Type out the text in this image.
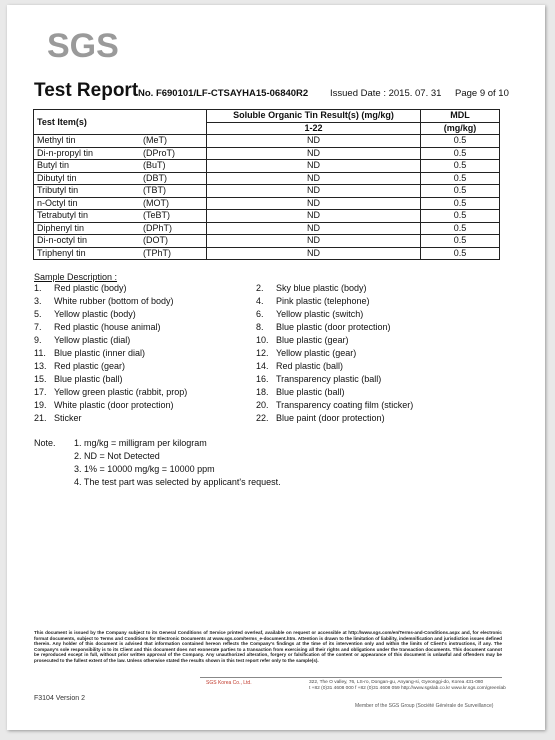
SGS
Test Report No. F690101/LF-CTSAYHA15-06840R2 Issued Date : 2015. 07. 31 Page 9 of 10
Test Item(s)		Soluble Organic Tin Result(s) (mg/kg)	MDL
		1-22	(mg/kg)
Methyl tin	(MeT)	ND	0.5
Di-n-propyl tin	(DProT)	ND	0.5
Butyl tin	(BuT)	ND	0.5
Dibutyl tin	(DBT)	ND	0.5
Tributyl tin	(TBT)	ND	0.5
n-Octyl tin	(MOT)	ND	0.5
Tetrabutyl tin	(TeBT)	ND	0.5
Diphenyl tin	(DPhT)	ND	0.5
Di-n-octyl tin	(DOT)	ND	0.5
Triphenyl tin	(TPhT)	ND	0.5
Sample Description :
1.	Red plastic (body)	2.	Sky blue plastic (body)
3.	White rubber (bottom of body)	4.	Pink plastic (telephone)
5.	Yellow plastic (body)	6.	Yellow plastic (switch)
7.	Red plastic (house animal)	8.	Blue plastic (door protection)
9.	Yellow plastic (dial)	10. Blue plastic (gear)
11. Blue plastic (inner dial)	12. Yellow plastic (gear)
13. Red plastic (gear)	14. Red plastic (ball)
15. Blue plastic (ball)	16. Transparency plastic (ball)
17. Yellow green plastic (rabbit, prop)	18. Blue plastic (ball)
19. White plastic (door protection)	20. Transparency coating film (sticker)
21. Sticker	22. Blue paint (door protection)
Note. 1. mg/kg = milligram per kilogram
2. ND = Not Detected
3. 1% = 10000 mg/kg = 10000 ppm
4. The test part was selected by applicant's request.
This document is issued by the Company subject to its General Conditions of Service printed overleaf, available on request or accessible at http://www.sgs.com/en/Terms-and-Conditions.aspx and, for electronic format documents, subject to Terms and Conditions for Electronic Documents at www.sgs.com/terms_e-document.htm. Attention is drawn to the limitation of liability, indemnification and jurisdiction issues defined therein. Any holder of this document is advised that information contained hereon reflects the Company's findings at the time of its intervention only and within the limits of Client's instructions, if any. The Company's sole responsibility is to its Client and this document does not exonerate parties to a transaction from exercising all their rights and obligations under the transaction documents. This document cannot be reproduced except in full, without prior written approval of the Company. Any unauthorized alteration, forgery or falsification of the content or appearance of this document is unlawful and offenders may be prosecuted to the fullest extent of the law. Unless otherwise stated the results shown in this test report refer only to the sample(s).
SGS Korea Co., Ltd.	322, The O valley, 76, LS-ro, Dongan-gu, Anyang-si, Gyeonggi-do, Korea 431-080
t +82 (0)31 4608 000 f +82 (0)31 4608 059 http://www.sgslab.co.kr www.kr.sgs.com/greenlab
F3104 Version 2
Member of the SGS Group (Société Générale de Surveillance)
